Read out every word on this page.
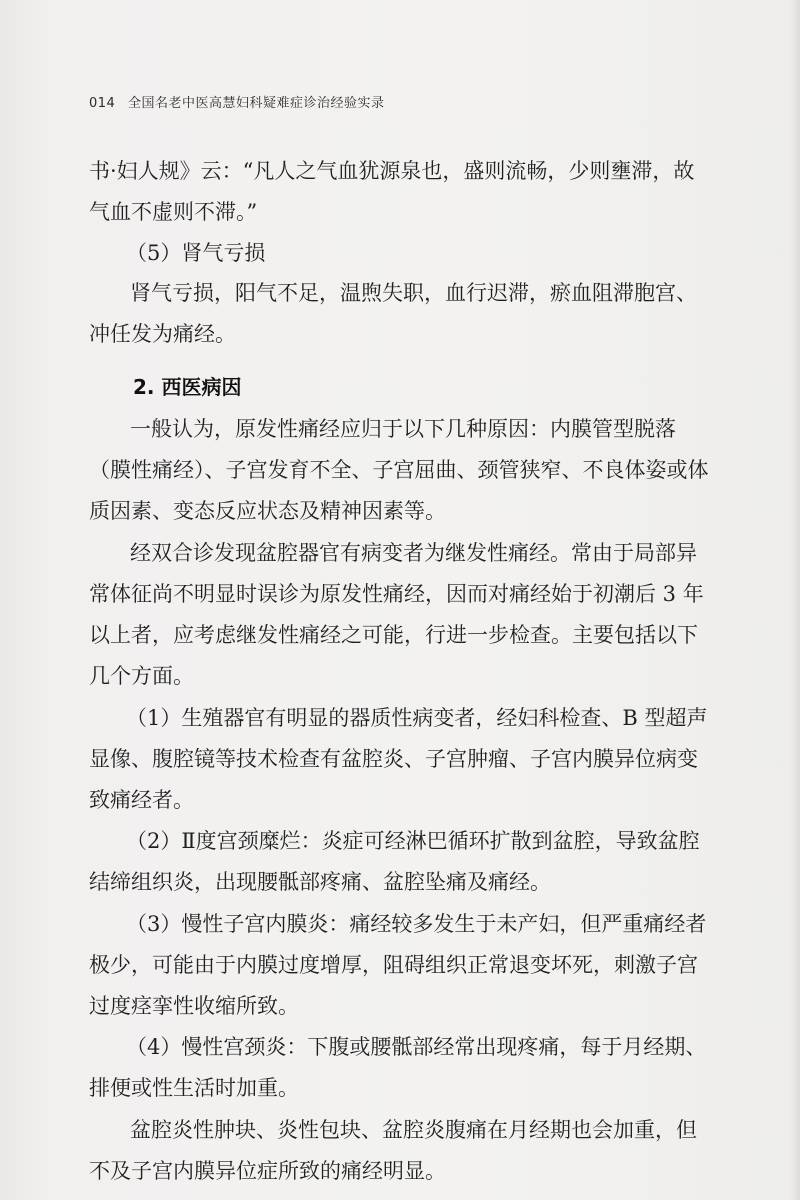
014 全国名老中医高慧妇科疑难症诊治经验实录
书·妇人规》云：“凡人之气血犹源泉也，盛则流畅，少则壅滞，故
气血不虚则不滞。”
（5）肾气亏损
肾气亏损，阳气不足，温煦失职，血行迟滞，瘀血阻滞胞宫、
冲任发为痛经。
2. 西医病因
一般认为，原发性痛经应归于以下几种原因：内膜管型脱落
（膜性痛经）、子宫发育不全、子宫屈曲、颈管狭窄、不良体姿或体
质因素、变态反应状态及精神因素等。
经双合诊发现盆腔器官有病变者为继发性痛经。常由于局部异
常体征尚不明显时误诊为原发性痛经，因而对痛经始于初潮后 3 年
以上者，应考虑继发性痛经之可能，行进一步检查。主要包括以下
几个方面。
（1）生殖器官有明显的器质性病变者，经妇科检查、B 型超声
显像、腹腔镜等技术检查有盆腔炎、子宫肿瘤、子宫内膜异位病变
致痛经者。
（2）Ⅱ度宫颈糜烂：炎症可经淋巴循环扩散到盆腔，导致盆腔
结缔组织炎，出现腰骶部疼痛、盆腔坠痛及痛经。
（3）慢性子宫内膜炎：痛经较多发生于未产妇，但严重痛经者
极少，可能由于内膜过度增厚，阻碍组织正常退变坏死，刺激子宫
过度痉挛性收缩所致。
（4）慢性宫颈炎：下腹或腰骶部经常出现疼痛，每于月经期、
排便或性生活时加重。
盆腔炎性肿块、炎性包块、盆腔炎腹痛在月经期也会加重，但
不及子宫内膜异位症所致的痛经明显。
